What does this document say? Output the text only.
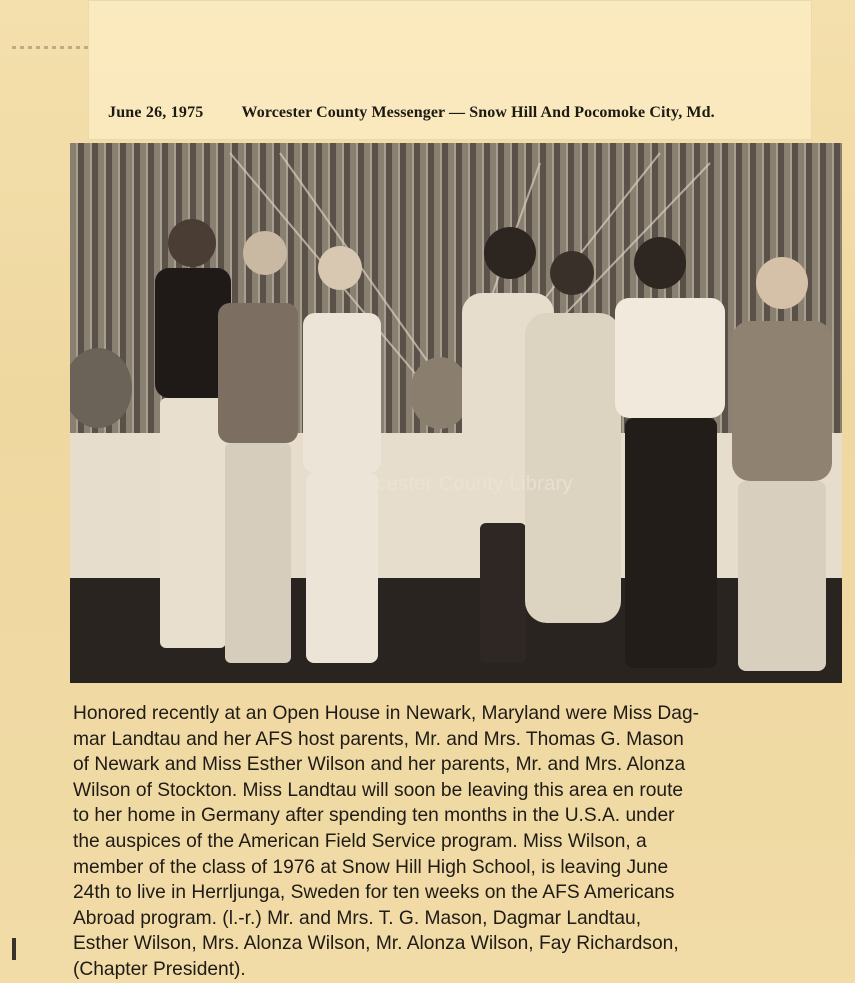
June 26, 1975 Worcester County Messenger — Snow Hill And Pocomoke City, Md.
Worcester County Library

Honored recently at an Open House in Newark, Maryland were Miss Dag-
mar Landtau and her AFS host parents, Mr. and Mrs. Thomas G. Mason
of Newark and Miss Esther Wilson and her parents, Mr. and Mrs. Alonza
Wilson of Stockton. Miss Landtau will soon be leaving this area en route
to her home in Germany after spending ten months in the U.S.A. under
the auspices of the American Field Service program. Miss Wilson, a
member of the class of 1976 at Snow Hill High School, is leaving June
24th to live in Herrljunga, Sweden for ten weeks on the AFS Americans
Abroad program. (l.-r.) Mr. and Mrs. T. G. Mason, Dagmar Landtau,
Esther Wilson, Mrs. Alonza Wilson, Mr. Alonza Wilson, Fay Richardson,
(Chapter President).
